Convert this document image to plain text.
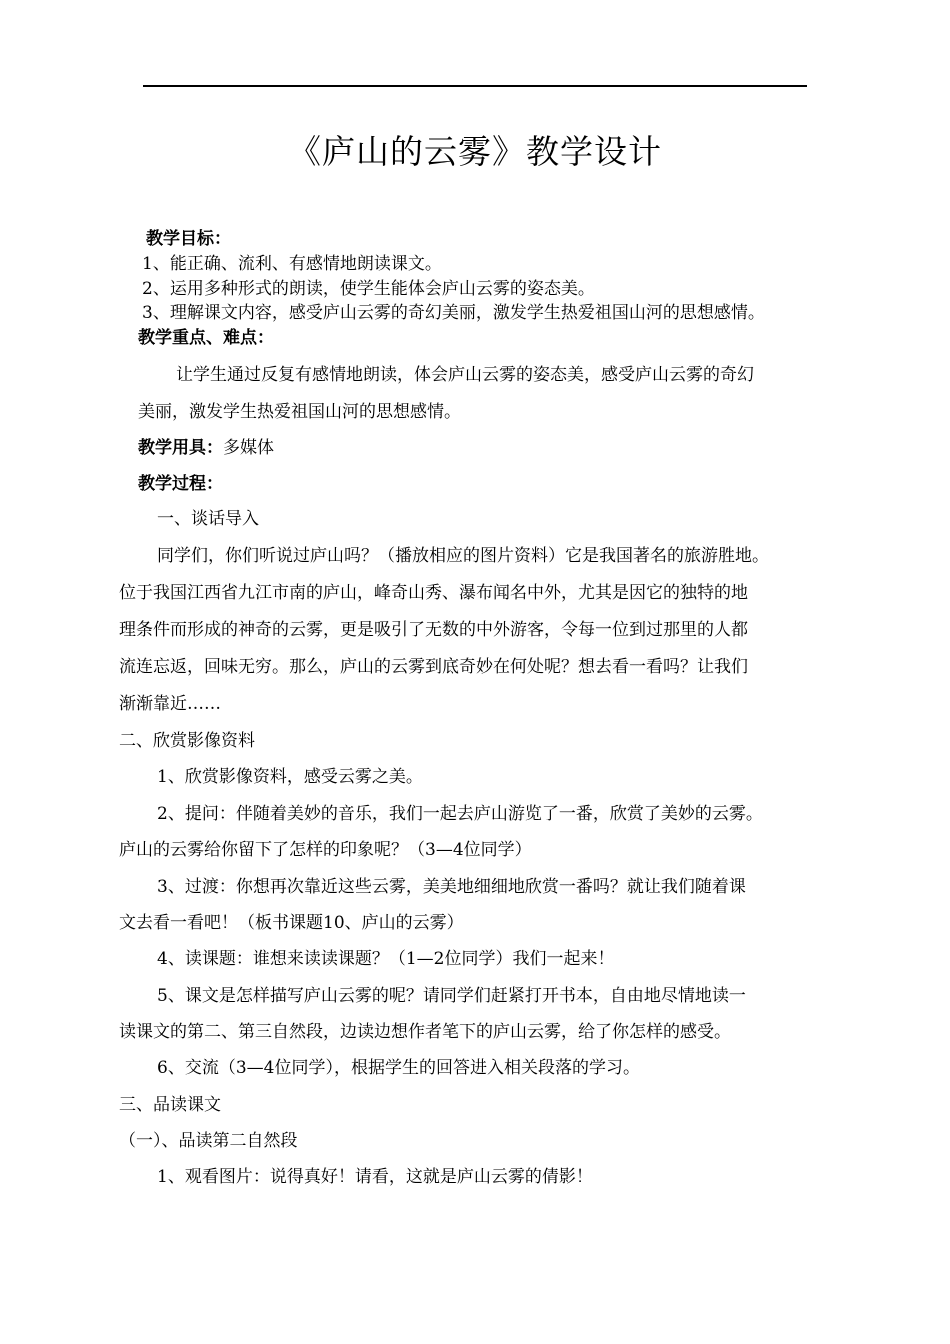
《庐山的云雾》教学设计
教学目标：
1、能正确、流利、有感情地朗读课文。
2、运用多种形式的朗读，使学生能体会庐山云雾的姿态美。
3、理解课文内容，感受庐山云雾的奇幻美丽，激发学生热爱祖国山河的思想感情。
教学重点、难点：
让学生通过反复有感情地朗读，体会庐山云雾的姿态美，感受庐山云雾的奇幻
美丽，激发学生热爱祖国山河的思想感情。
教学用具：多媒体
教学过程：
一、谈话导入
同学们，你们听说过庐山吗？（播放相应的图片资料）它是我国著名的旅游胜地。
位于我国江西省九江市南的庐山，峰奇山秀、瀑布闻名中外，尤其是因它的独特的地
理条件而形成的神奇的云雾，更是吸引了无数的中外游客，令每一位到过那里的人都
流连忘返，回味无穷。那么，庐山的云雾到底奇妙在何处呢？想去看一看吗？让我们
渐渐靠近……
二、欣赏影像资料
1、欣赏影像资料，感受云雾之美。
2、提问：伴随着美妙的音乐，我们一起去庐山游览了一番，欣赏了美妙的云雾。
庐山的云雾给你留下了怎样的印象呢？（3—4位同学）
3、过渡：你想再次靠近这些云雾，美美地细细地欣赏一番吗？就让我们随着课
文去看一看吧！（板书课题10、庐山的云雾）
4、读课题：谁想来读读课题？（1—2位同学）我们一起来！
5、课文是怎样描写庐山云雾的呢？请同学们赶紧打开书本，自由地尽情地读一
读课文的第二、第三自然段，边读边想作者笔下的庐山云雾，给了你怎样的感受。
6、交流（3—4位同学），根据学生的回答进入相关段落的学习。
三、品读课文
（一）、品读第二自然段
1、观看图片：说得真好！请看，这就是庐山云雾的倩影！
